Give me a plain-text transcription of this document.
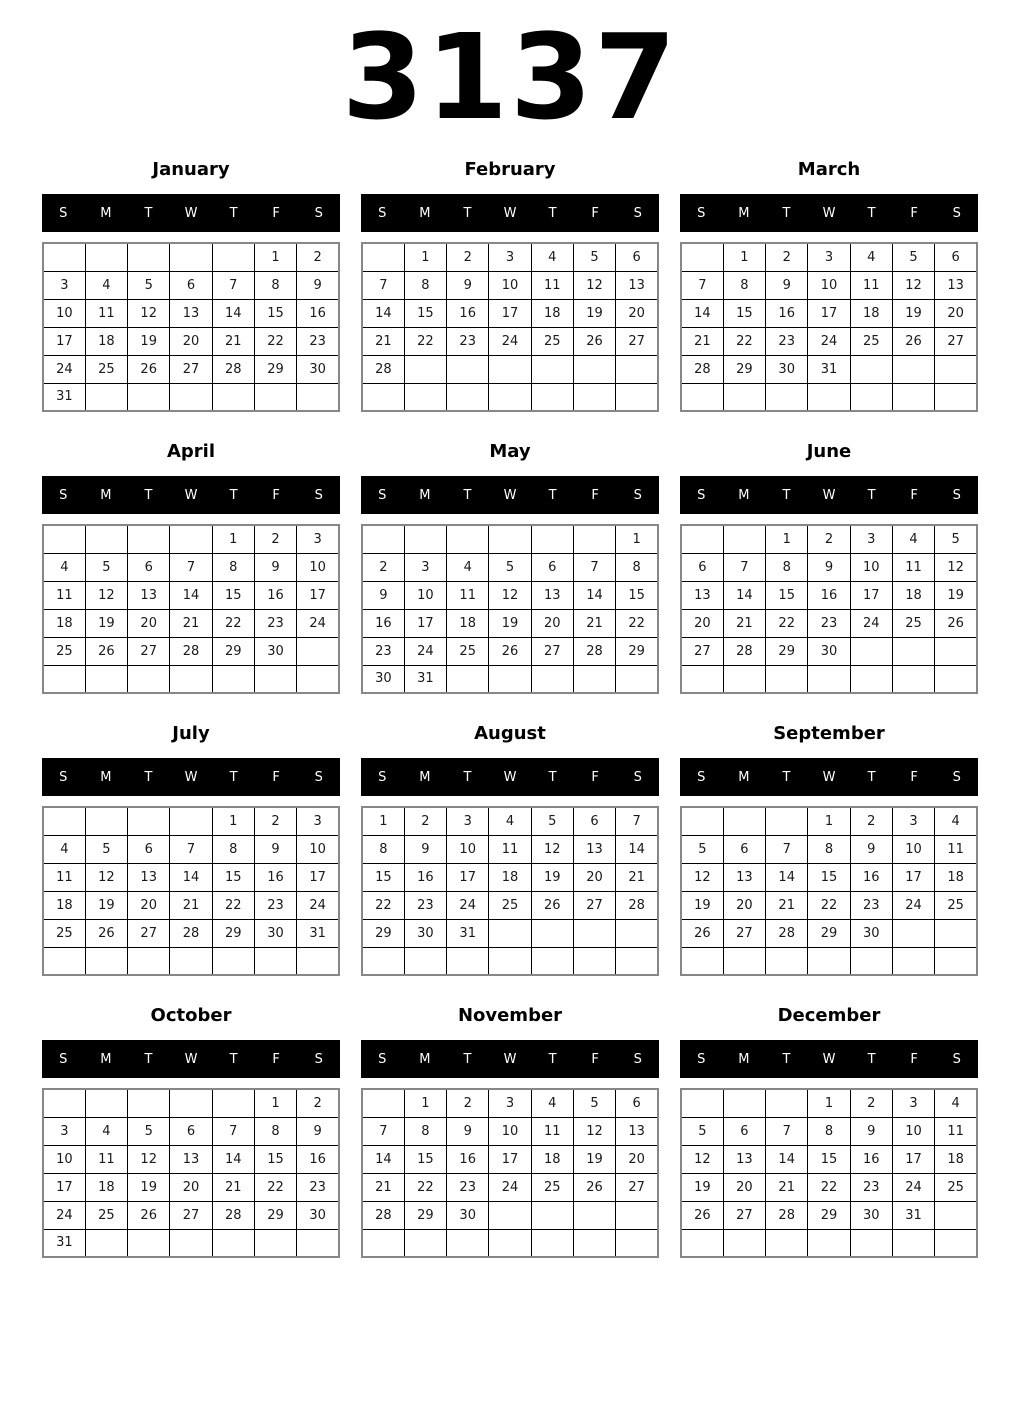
3137
January
S	M	T	W	T	F	S
					1	2
3	4	5	6	7	8	9
10	11	12	13	14	15	16
17	18	19	20	21	22	23
24	25	26	27	28	29	30
31						
February
S	M	T	W	T	F	S
	1	2	3	4	5	6
7	8	9	10	11	12	13
14	15	16	17	18	19	20
21	22	23	24	25	26	27
28						

March
S	M	T	W	T	F	S
	1	2	3	4	5	6
7	8	9	10	11	12	13
14	15	16	17	18	19	20
21	22	23	24	25	26	27
28	29	30	31			

April
S	M	T	W	T	F	S
				1	2	3
4	5	6	7	8	9	10
11	12	13	14	15	16	17
18	19	20	21	22	23	24
25	26	27	28	29	30	

May
S	M	T	W	T	F	S
						1
2	3	4	5	6	7	8
9	10	11	12	13	14	15
16	17	18	19	20	21	22
23	24	25	26	27	28	29
30	31					
June
S	M	T	W	T	F	S
		1	2	3	4	5
6	7	8	9	10	11	12
13	14	15	16	17	18	19
20	21	22	23	24	25	26
27	28	29	30			

July
S	M	T	W	T	F	S
				1	2	3
4	5	6	7	8	9	10
11	12	13	14	15	16	17
18	19	20	21	22	23	24
25	26	27	28	29	30	31

August
S	M	T	W	T	F	S
1	2	3	4	5	6	7
8	9	10	11	12	13	14
15	16	17	18	19	20	21
22	23	24	25	26	27	28
29	30	31				

September
S	M	T	W	T	F	S
			1	2	3	4
5	6	7	8	9	10	11
12	13	14	15	16	17	18
19	20	21	22	23	24	25
26	27	28	29	30		

October
S	M	T	W	T	F	S
					1	2
3	4	5	6	7	8	9
10	11	12	13	14	15	16
17	18	19	20	21	22	23
24	25	26	27	28	29	30
31						
November
S	M	T	W	T	F	S
	1	2	3	4	5	6
7	8	9	10	11	12	13
14	15	16	17	18	19	20
21	22	23	24	25	26	27
28	29	30				

December
S	M	T	W	T	F	S
			1	2	3	4
5	6	7	8	9	10	11
12	13	14	15	16	17	18
19	20	21	22	23	24	25
26	27	28	29	30	31	
